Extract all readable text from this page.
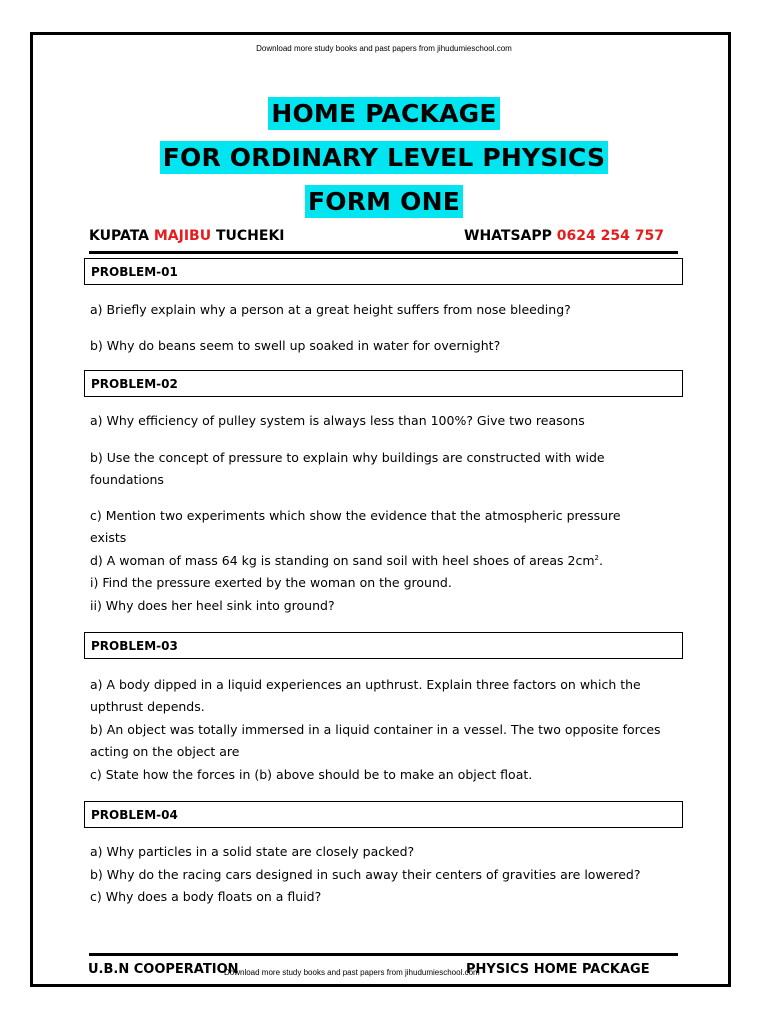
Download more study books and past papers from jihudumieschool.com
HOME PACKAGE
FOR ORDINARY LEVEL PHYSICS
FORM ONE
KUPATA MAJIBU TUCHEKI	WHATSAPP 0624 254 757
PROBLEM-01
a) Briefly explain why a person at a great height suffers from nose bleeding?
b) Why do beans seem to swell up soaked in water for overnight?
PROBLEM-02
a) Why efficiency of pulley system is always less than 100%? Give two reasons
b) Use the concept of pressure to explain why buildings are constructed with wide
foundations
c) Mention two experiments which show the evidence that the atmospheric pressure
exists
d) A woman of mass 64 kg is standing on sand soil with heel shoes of areas $2cm^2$.
i) Find the pressure exerted by the woman on the ground.
ii) Why does her heel sink into ground?
PROBLEM-03
a) A body dipped in a liquid experiences an upthrust. Explain three factors on which the
upthrust depends.
b) An object was totally immersed in a liquid container in a vessel. The two opposite forces
acting on the object are
c) State how the forces in (b) above should be to make an object float.
PROBLEM-04
a) Why particles in a solid state are closely packed?
b) Why do the racing cars designed in such away their centers of gravities are lowered?
c) Why does a body floats on a fluid?
U.B.N COOPERATION	PHYSICS HOME PACKAGE
Download more study books and past papers from jihudumieschool.com
